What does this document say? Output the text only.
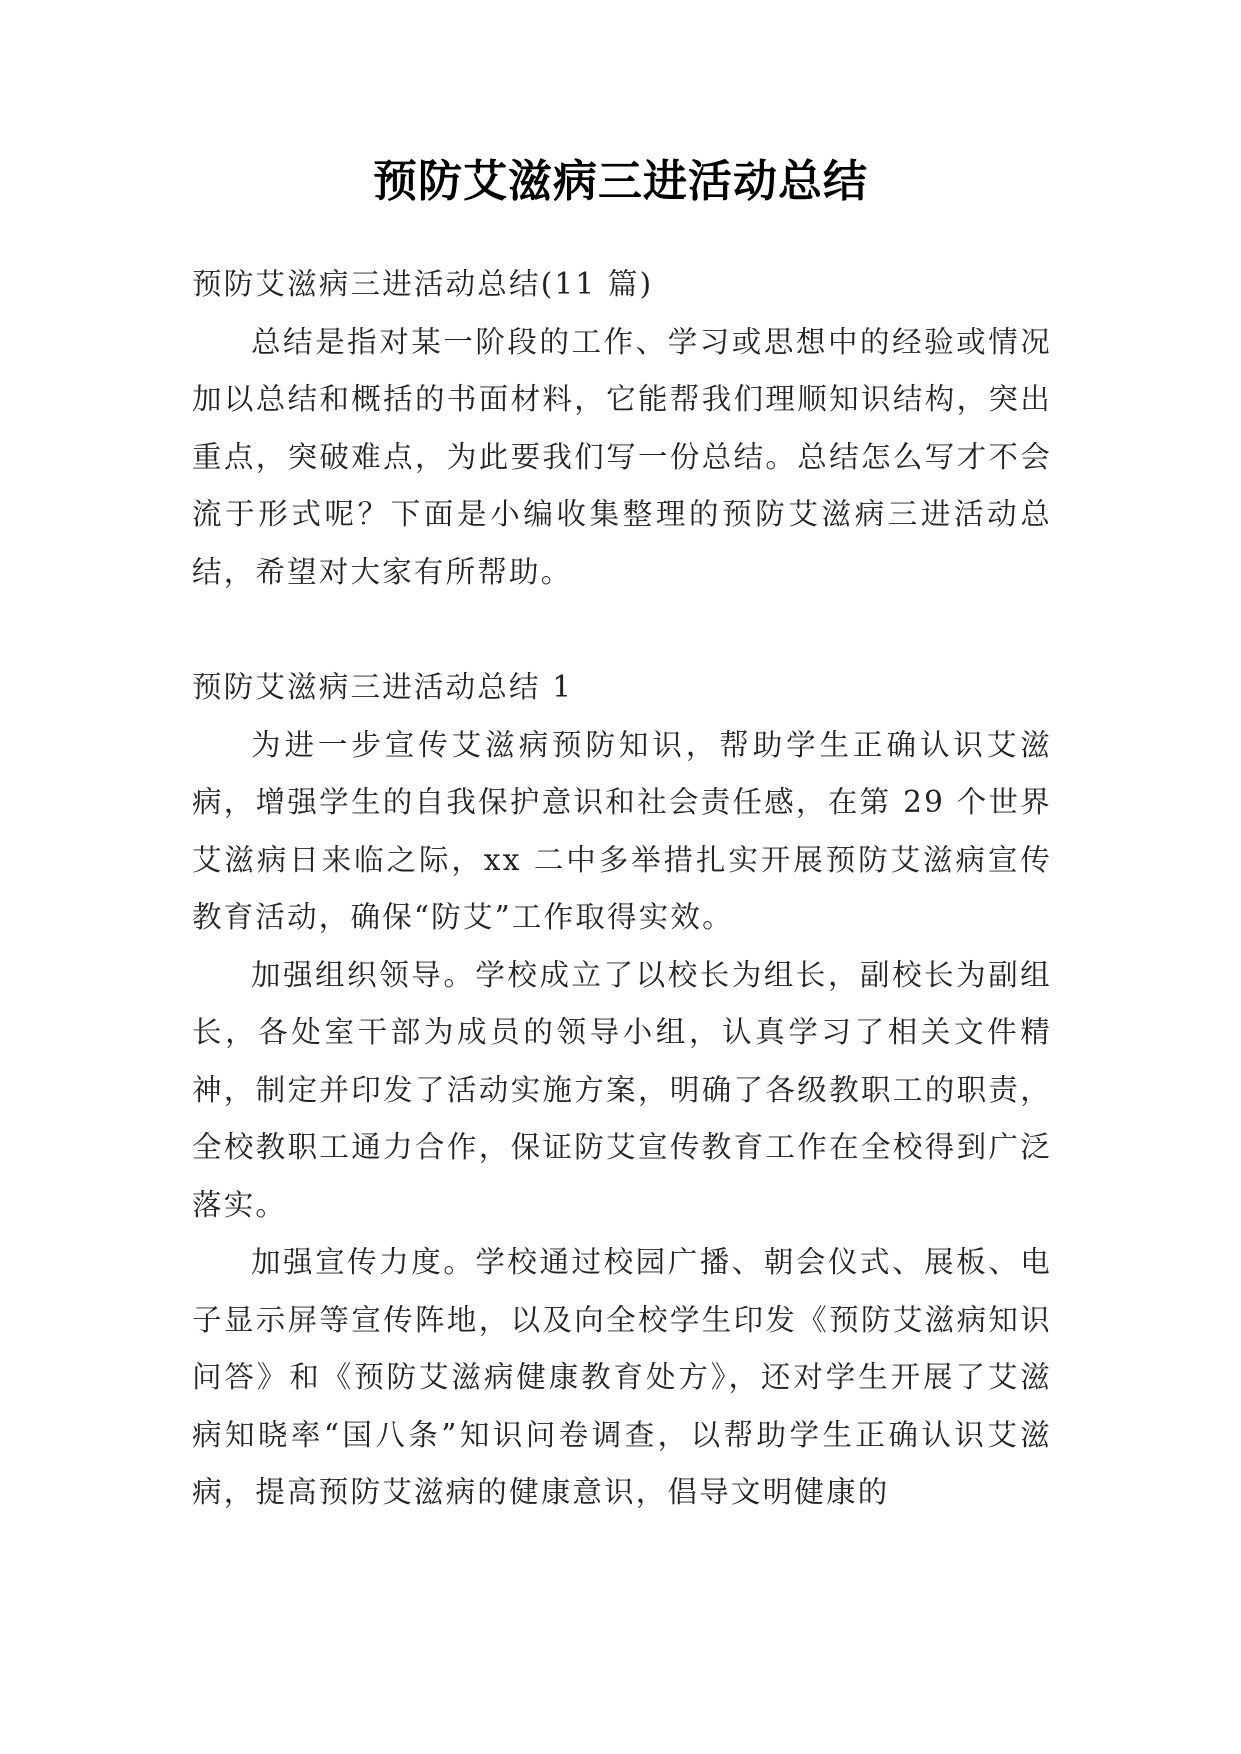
预防艾滋病三进活动总结

预防艾滋病三进活动总结(11 篇)

总结是指对某一阶段的工作、学习或思想中的经验或情况加以总结和概括的书面材料，它能帮我们理顺知识结构，突出重点，突破难点，为此要我们写一份总结。总结怎么写才不会流于形式呢？下面是小编收集整理的预防艾滋病三进活动总结，希望对大家有所帮助。

预防艾滋病三进活动总结 1

为进一步宣传艾滋病预防知识，帮助学生正确认识艾滋病，增强学生的自我保护意识和社会责任感，在第 29 个世界艾滋病日来临之际，xx 二中多举措扎实开展预防艾滋病宣传教育活动，确保“防艾”工作取得实效。

加强组织领导。学校成立了以校长为组长，副校长为副组长，各处室干部为成员的领导小组，认真学习了相关文件精神，制定并印发了活动实施方案，明确了各级教职工的职责，全校教职工通力合作，保证防艾宣传教育工作在全校得到广泛落实。

加强宣传力度。学校通过校园广播、朝会仪式、展板、电子显示屏等宣传阵地，以及向全校学生印发《预防艾滋病知识问答》和《预防艾滋病健康教育处方》，还对学生开展了艾滋病知晓率“国八条”知识问卷调查，以帮助学生正确认识艾滋病，提高预防艾滋病的健康意识，倡导文明健康的
